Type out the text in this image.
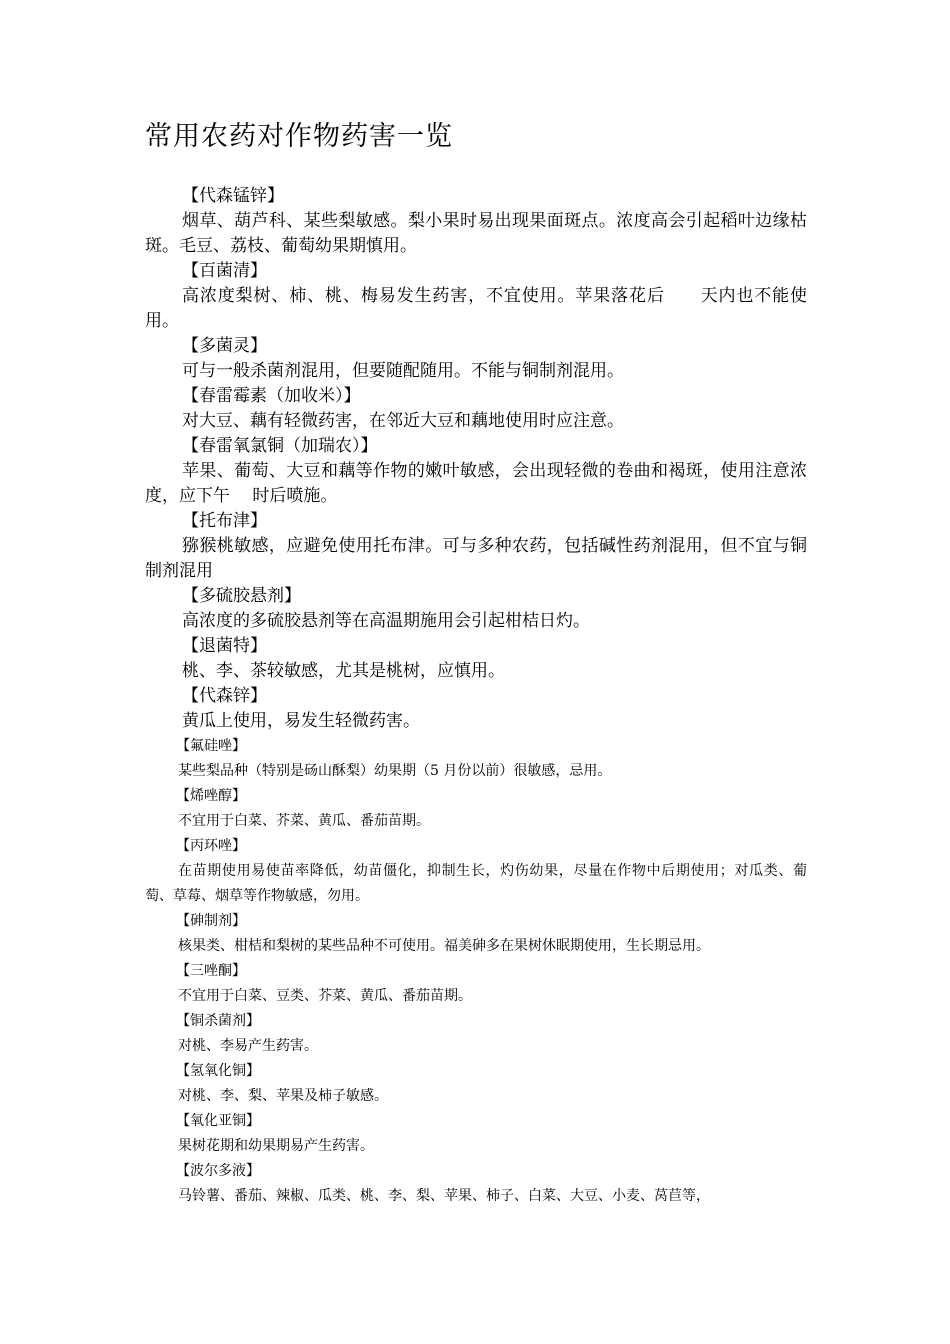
常用农药对作物药害一览
【代森锰锌】
烟草、葫芦科、某些梨敏感。梨小果时易出现果面斑点。浓度高会引起稻叶边缘枯斑。毛豆、荔枝、葡萄幼果期慎用。
【百菌清】
高浓度梨树、柿、桃、梅易发生药害，不宜使用。苹果落花后　　天内也不能使用。
【多菌灵】
可与一般杀菌剂混用，但要随配随用。不能与铜制剂混用。
【春雷霉素（加收米）】
对大豆、藕有轻微药害，在邻近大豆和藕地使用时应注意。
【春雷氧氯铜（加瑞农）】
苹果、葡萄、大豆和藕等作物的嫩叶敏感，会出现轻微的卷曲和褐斑，使用注意浓度，应下午　 时后喷施。
【托布津】
猕猴桃敏感，应避免使用托布津。可与多种农药，包括碱性药剂混用，但不宜与铜制剂混用
【多硫胶悬剂】
高浓度的多硫胶悬剂等在高温期施用会引起柑桔日灼。
【退菌特】
桃、李、茶较敏感，尤其是桃树，应慎用。
【代森锌】
黄瓜上使用，易发生轻微药害。
【氟硅唑】
某些梨品种（特别是砀山酥梨）幼果期（5 月份以前）很敏感，忌用。
【烯唑醇】
不宜用于白菜、芥菜、黄瓜、番茄苗期。
【丙环唑】
在苗期使用易使苗率降低，幼苗僵化，抑制生长，灼伤幼果，尽量在作物中后期使用；对瓜类、葡萄、草莓、烟草等作物敏感，勿用。
【砷制剂】
核果类、柑桔和梨树的某些品种不可使用。福美砷多在果树休眠期使用，生长期忌用。
【三唑酮】
不宜用于白菜、豆类、芥菜、黄瓜、番茄苗期。
【铜杀菌剂】
对桃、李易产生药害。
【氢氧化铜】
对桃、李、梨、苹果及柿子敏感。
【氧化亚铜】
果树花期和幼果期易产生药害。
【波尔多液】
马铃薯、番茄、辣椒、瓜类、桃、李、梨、苹果、柿子、白菜、大豆、小麦、莴苣等，
